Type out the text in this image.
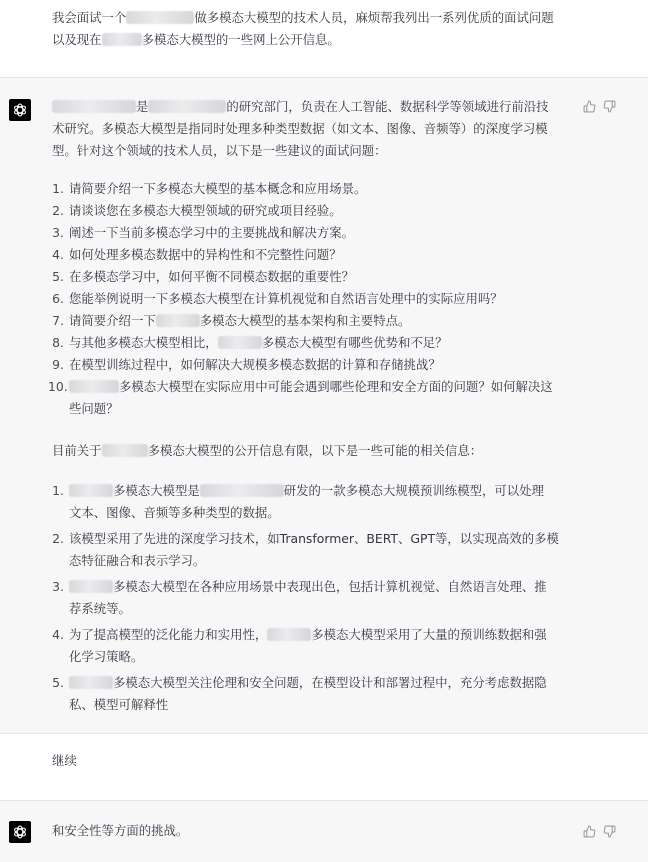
我会面试一个	做多模态大模型的技术人员，麻烦帮我列出一系列优质的面试问题
以及现在	多模态大模型的一些网上公开信息。
是	的研究部门，负责在人工智能、数据科学等领域进行前沿技
术研究。多模态大模型是指同时处理多种类型数据（如文本、图像、音频等）的深度学习模
型。针对这个领域的技术人员，以下是一些建议的面试问题：
1. 请简要介绍一下多模态大模型的基本概念和应用场景。
2. 请谈谈您在多模态大模型领域的研究或项目经验。
3. 阐述一下当前多模态学习中的主要挑战和解决方案。
4. 如何处理多模态数据中的异构性和不完整性问题？
5. 在多模态学习中，如何平衡不同模态数据的重要性？
6. 您能举例说明一下多模态大模型在计算机视觉和自然语言处理中的实际应用吗？
7. 请简要介绍一下	多模态大模型的基本架构和主要特点。
8. 与其他多模态大模型相比，	多模态大模型有哪些优势和不足？
9. 在模型训练过程中，如何解决大规模多模态数据的计算和存储挑战？
10.	多模态大模型在实际应用中可能会遇到哪些伦理和安全方面的问题？如何解决这
些问题？
目前关于	多模态大模型的公开信息有限，以下是一些可能的相关信息：
1.	多模态大模型是	研发的一款多模态大规模预训练模型，可以处理
文本、图像、音频等多种类型的数据。
2. 该模型采用了先进的深度学习技术，如Transformer、BERT、GPT等，以实现高效的多模
态特征融合和表示学习。
3.	多模态大模型在各种应用场景中表现出色，包括计算机视觉、自然语言处理、推
荐系统等。
4. 为了提高模型的泛化能力和实用性，	多模态大模型采用了大量的预训练数据和强
化学习策略。
5.	多模态大模型关注伦理和安全问题，在模型设计和部署过程中，充分考虑数据隐
私、模型可解释性
继续
和安全性等方面的挑战。
